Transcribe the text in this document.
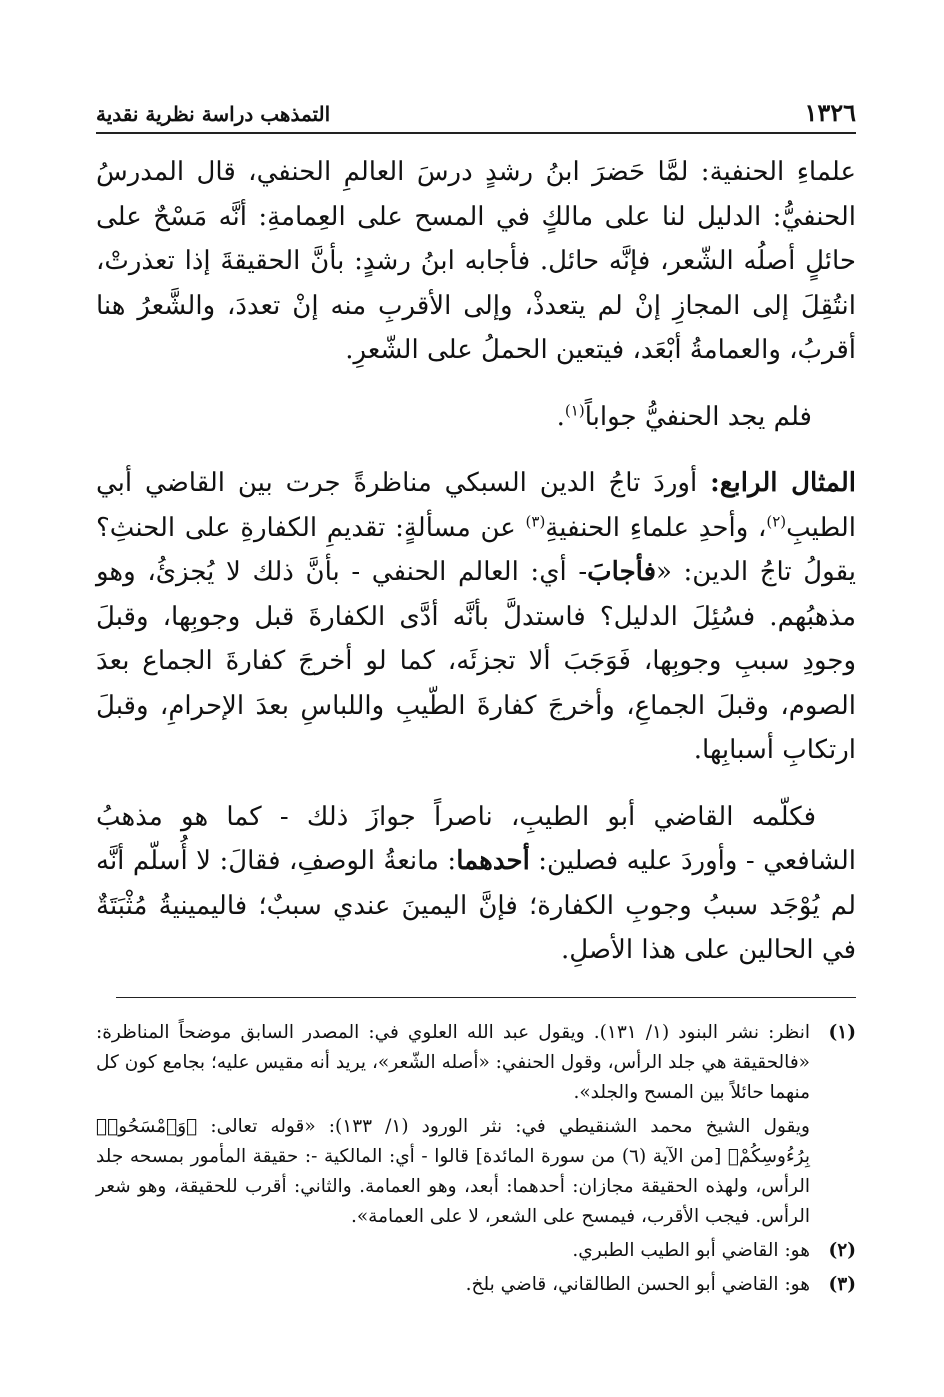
١٣٢٦
التمذهب دراسة نظرية نقدية

علماءِ الحنفية: لمَّا حَضرَ ابنُ رشدٍ درسَ العالمِ الحنفي، قال المدرسُ الحنفيُّ: الدليل لنا على مالكٍ في المسح على العِمامةِ: أنَّه مَسْحٌ على حائلٍ أصلُه الشّعر، فإنَّه حائل. فأجابه ابنُ رشدٍ: بأنَّ الحقيقةَ إذا تعذرتْ، انتُقِلَ إلى المجازِ إنْ لم يتعدذْ، وإلى الأقربِ منه إنْ تعددَ، والشَّعرُ هنا أقربُ، والعمامةُ أبْعَد، فيتعين الحملُ على الشّعرِ.

فلم يجد الحنفيُّ جواباً$^{(١)}$.

المثال الرابع: أوردَ تاجُ الدين السبكي مناظرةً جرت بين القاضي أبي الطيبِ$^{(٢)}$، وأحدِ علماءِ الحنفيةِ$^{(٣)}$ عن مسألةٍ: تقديمِ الكفارةِ على الحنثِ؟ يقولُ تاجُ الدين: «فأجابَ- أي: العالم الحنفي - بأنَّ ذلك لا يُجزئُ، وهو مذهبُهم. فسُئِلَ الدليل؟ فاستدلَّ بأنَّه أدَّى الكفارةَ قبل وجوبِها، وقبلَ وجودِ سببِ وجوبِها، فَوَجَبَ ألا تجزئَه، كما لو أخرجَ كفارةَ الجماع بعدَ الصوم، وقبلَ الجماعِ، وأخرجَ كفارةَ الطّيبِ واللباسِ بعدَ الإحرامِ، وقبلَ ارتكابِ أسبابِها.

فكلّمه القاضي أبو الطيبِ، ناصراً جوازَ ذلك - كما هو مذهبُ الشافعي - وأوردَ عليه فصلين: أحدهما: مانعةُ الوصفِ، فقالَ: لا أُسلّم أنَّه لم يُوْجَد سببُ وجوبِ الكفارة؛ فإنَّ اليمينَ عندي سببٌ؛ فاليمينيةُ مُثْبَتَةٌ في الحالين على هذا الأصلِ.

(١)
انظر: نشر البنود (١/ ١٣١). ويقول عبد الله العلوي في: المصدر السابق موضحاً المناظرة: «فالحقيقة هي جلد الرأس، وقول الحنفي: «أصله الشّعر»، يريد أنه مقيس عليه؛ بجامع كون كل منهما حائلاً بين المسح والجلد».
ويقول الشيخ محمد الشنقيطي في: نثر الورود (١/ ١٣٣): «قوله تعالى: ﴿وَٱمْسَحُوا۟ بِرُءُوسِكُمْ﴾ [من الآية (٦) من سورة المائدة] قالوا - أي: المالكية -: حقيقة المأمور بمسحه جلد الرأس، ولهذه الحقيقة مجازان: أحدهما: أبعد، وهو العمامة. والثاني: أقرب للحقيقة، وهو شعر الرأس. فيجب الأقرب، فيمسح على الشعر، لا على العمامة».
(٢)
هو: القاضي أبو الطيب الطبري.
(٣)
هو: القاضي أبو الحسن الطالقاني، قاضي بلخ.
